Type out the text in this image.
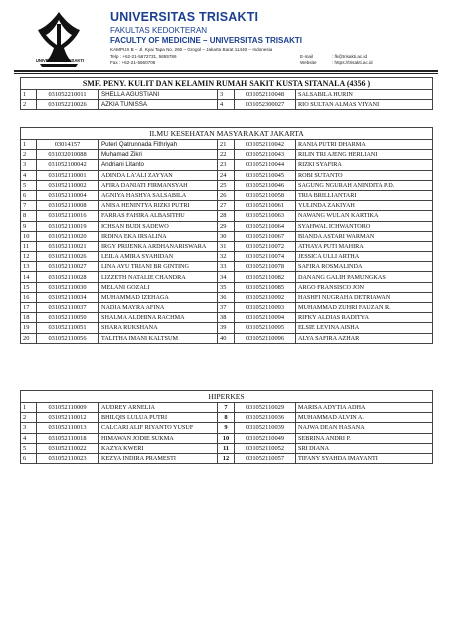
UNIVERSITAS TRISAKTI
UNIVERSITAS TRISAKTI
FAKULTAS KEDOKTERAN
FACULTY OF MEDICINE – UNIVERSITAS TRISAKTI
KAMPUS B – Jl. Kyai Tapa No. 260 – Grogol – Jakarta Barat 11440 – Indonesia
Telp : +62-21-5672731, 5655786
Fax : +62-21-5660706
E-mail	: fk@trisakti.ac.id
Website	: https://trisakti.ac.id
SMF. PENY. KULIT DAN KELAMIN RUMAH SAKIT KUSTA SITANALA (4356 )					
1	031052210011	SHELLA AGUSTIANI	3	031052110048	SALSABILA HURIN
2	031052210026	AZKIA TUNISSA	4	031052300027	RIO SULTAN ALMAS VIYANI
ILMU KESEHATAN MASYARAKAT JAKARTA					
1	03014157	Puteri Qatrunnada Fithriyah	21	031052110042	RANIA PUTRI DHARMA
2	031032010088	Muhamad Zikri	22	031052110043	RILIN TRI AJENG HERLIANI
3	031052100042	Andriani Litanto	23	031052110044	RIZKI SYAFIRA
4	031052110001	ADINDA LA'ALI ZAYYAN	24	031052110045	ROBI SUTANTO
5	031052110002	AFIRA DANIATI FIRMANSYAH	25	031052110046	SAGUNG NGURAH ANINDITA P.D.
6	031052110004	AGNIYA HASHYA SALSABILA	26	031052110058	TRIA BRILLIANTARI
7	031052110008	ANISA HENINTYA RIZKI PUTRI	27	031052110061	YULINDA ZAKIYAH
8	031052110016	FARRAS FAHIRA ALBASITHU	28	031052110063	NAWANG WULAN KARTIKA
9	031052110019	ICHSAN BUDI SADEWO	29	031052110064	SYAHWAL ICHWANTORO
10	031052110020	IRDINA EKA IRSALINA	30	031052110067	BIANDA ASTARI WARMAN
11	031052110021	IRGY PRIJENKA ARDHANARISWARA	31	031052110072	ATHAYA PUTI MAHIRA
12	031052110026	LEILA AMIRA SYAHIDAN	32	031052110074	JESSICA ULLI ARTHA
13	031052110027	LINA AYU TRIANI BR GINTING	33	031052110078	SAFIRA ROSMALINDA
14	031052110028	LIZZETH NATALIE CHANDRA	34	031052110082	DANANG GALIH PAMUNGKAS
15	031052110030	MELANI GOZALI	35	031052110085	ARGO FRANSISCO JON
16	031052110034	MUHAMMAD IZEHAGA	36	031052110092	HASHFI NUGRAHA DETRIAWAN
17	031052110037	NADIA MAYRA AFINA	37	031052110093	MUHAMMAD ZUHRI FAUZAN R.
18	031052110050	SHALMA ALDHINA RACHMA	38	031052110094	RIFKY ALDIAS RADITYA
19	031052110051	SHARA RUKSHANA	39	031052110095	ELSIE LEVINA AISHA
20	031052110056	TALITHA IMANI KALTSUM	40	031052110096	ALYA SAFIRA AZHAR
HIPERKES					
1	031052110009	AUDREY ARNELIA	7	031052110029	MARISA ADYTIA ADHA
2	031052110012	BHILQIS LULUA PUTRI	8	031052110036	MUHAMMAD ALVIN A.
3	031052110013	CALCARI ALIF RIYANTO YUSUF	9	031052110039	NAJWA DEAN HASANA
4	031052110018	HIMAWAN JODIE SUKMA	10	031052110049	SEBRINA ANDRI P.
5	031052110022	KAZYA KWERI	11	031052110052	SRI DIANA
6	031052110023	KEZYA INDIRA PRAMESTI	12	031052110057	TIFANY SYAHDA IMAYANTI
